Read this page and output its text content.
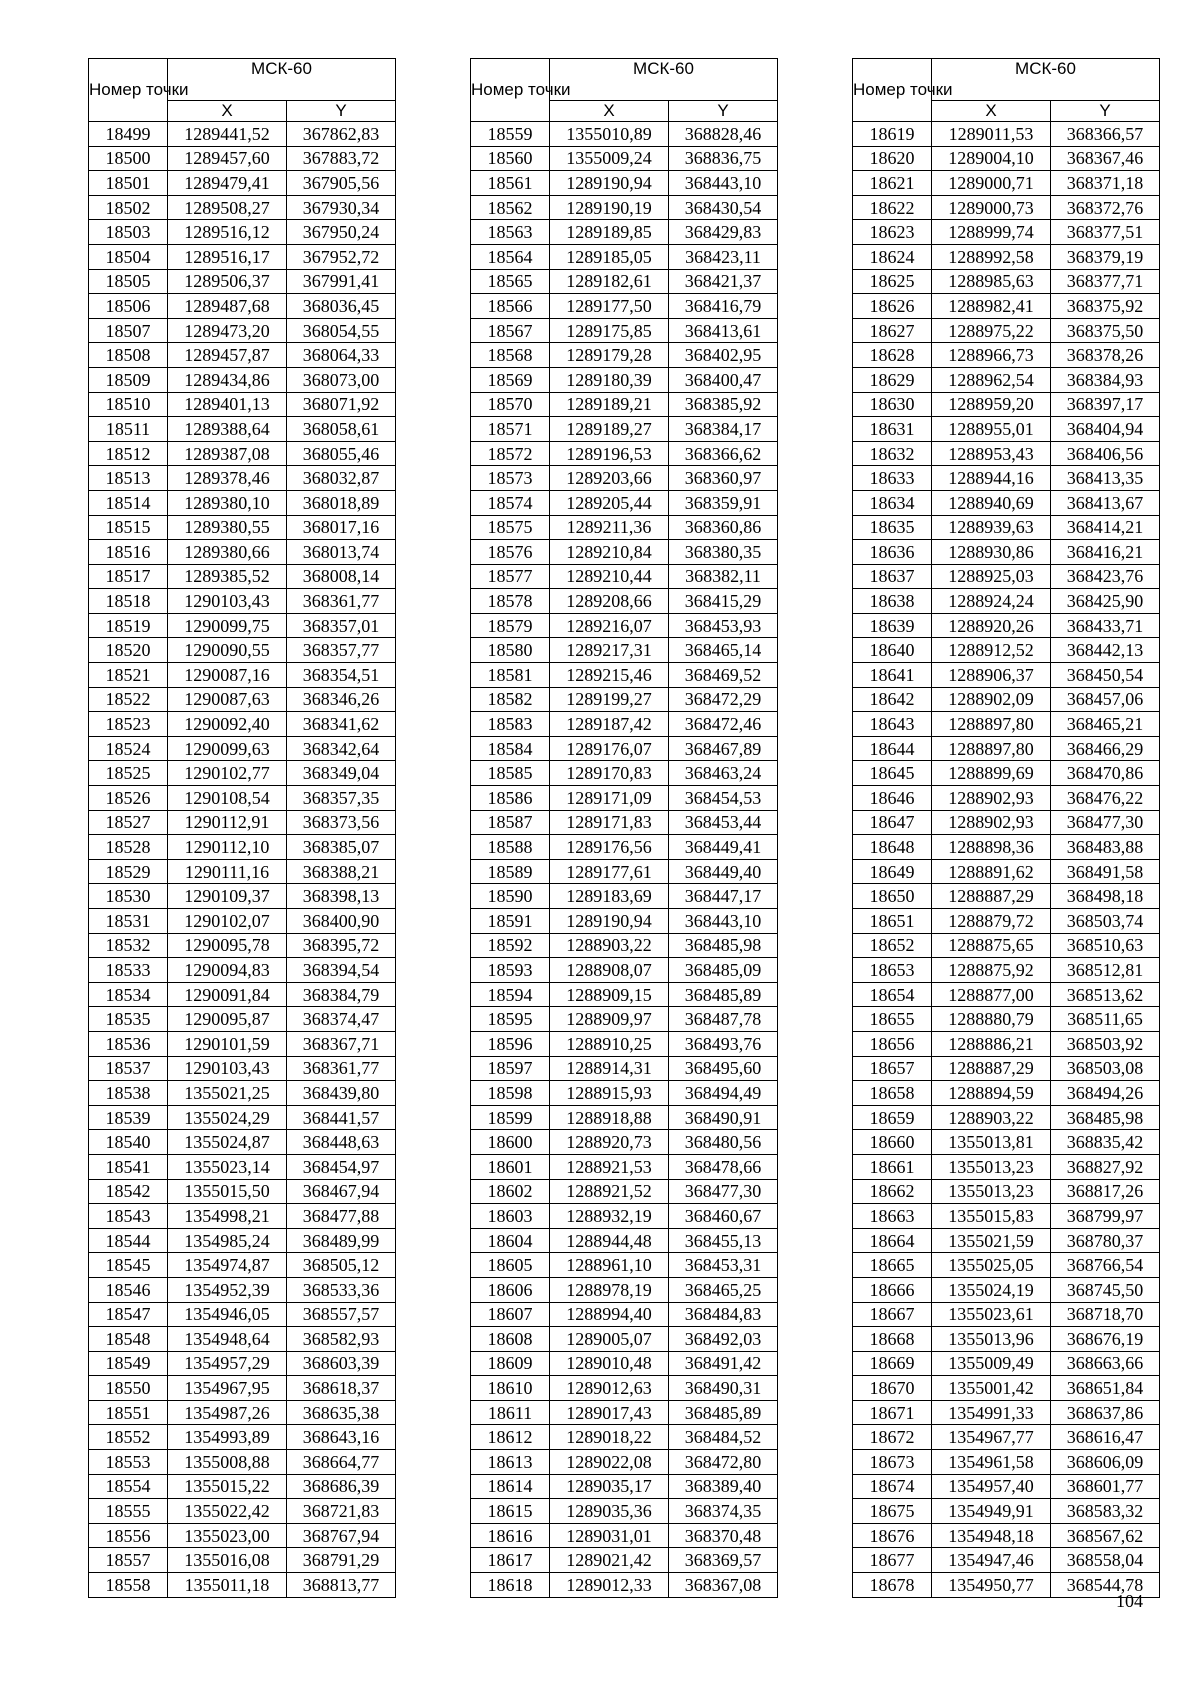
Номер точки	МСК-60	
	X	Y
18499	1289441,52	367862,83
18500	1289457,60	367883,72
18501	1289479,41	367905,56
18502	1289508,27	367930,34
18503	1289516,12	367950,24
18504	1289516,17	367952,72
18505	1289506,37	367991,41
18506	1289487,68	368036,45
18507	1289473,20	368054,55
18508	1289457,87	368064,33
18509	1289434,86	368073,00
18510	1289401,13	368071,92
18511	1289388,64	368058,61
18512	1289387,08	368055,46
18513	1289378,46	368032,87
18514	1289380,10	368018,89
18515	1289380,55	368017,16
18516	1289380,66	368013,74
18517	1289385,52	368008,14
18518	1290103,43	368361,77
18519	1290099,75	368357,01
18520	1290090,55	368357,77
18521	1290087,16	368354,51
18522	1290087,63	368346,26
18523	1290092,40	368341,62
18524	1290099,63	368342,64
18525	1290102,77	368349,04
18526	1290108,54	368357,35
18527	1290112,91	368373,56
18528	1290112,10	368385,07
18529	1290111,16	368388,21
18530	1290109,37	368398,13
18531	1290102,07	368400,90
18532	1290095,78	368395,72
18533	1290094,83	368394,54
18534	1290091,84	368384,79
18535	1290095,87	368374,47
18536	1290101,59	368367,71
18537	1290103,43	368361,77
18538	1355021,25	368439,80
18539	1355024,29	368441,57
18540	1355024,87	368448,63
18541	1355023,14	368454,97
18542	1355015,50	368467,94
18543	1354998,21	368477,88
18544	1354985,24	368489,99
18545	1354974,87	368505,12
18546	1354952,39	368533,36
18547	1354946,05	368557,57
18548	1354948,64	368582,93
18549	1354957,29	368603,39
18550	1354967,95	368618,37
18551	1354987,26	368635,38
18552	1354993,89	368643,16
18553	1355008,88	368664,77
18554	1355015,22	368686,39
18555	1355022,42	368721,83
18556	1355023,00	368767,94
18557	1355016,08	368791,29
18558	1355011,18	368813,77
Номер точки	МСК-60	
	X	Y
18559	1355010,89	368828,46
18560	1355009,24	368836,75
18561	1289190,94	368443,10
18562	1289190,19	368430,54
18563	1289189,85	368429,83
18564	1289185,05	368423,11
18565	1289182,61	368421,37
18566	1289177,50	368416,79
18567	1289175,85	368413,61
18568	1289179,28	368402,95
18569	1289180,39	368400,47
18570	1289189,21	368385,92
18571	1289189,27	368384,17
18572	1289196,53	368366,62
18573	1289203,66	368360,97
18574	1289205,44	368359,91
18575	1289211,36	368360,86
18576	1289210,84	368380,35
18577	1289210,44	368382,11
18578	1289208,66	368415,29
18579	1289216,07	368453,93
18580	1289217,31	368465,14
18581	1289215,46	368469,52
18582	1289199,27	368472,29
18583	1289187,42	368472,46
18584	1289176,07	368467,89
18585	1289170,83	368463,24
18586	1289171,09	368454,53
18587	1289171,83	368453,44
18588	1289176,56	368449,41
18589	1289177,61	368449,40
18590	1289183,69	368447,17
18591	1289190,94	368443,10
18592	1288903,22	368485,98
18593	1288908,07	368485,09
18594	1288909,15	368485,89
18595	1288909,97	368487,78
18596	1288910,25	368493,76
18597	1288914,31	368495,60
18598	1288915,93	368494,49
18599	1288918,88	368490,91
18600	1288920,73	368480,56
18601	1288921,53	368478,66
18602	1288921,52	368477,30
18603	1288932,19	368460,67
18604	1288944,48	368455,13
18605	1288961,10	368453,31
18606	1288978,19	368465,25
18607	1288994,40	368484,83
18608	1289005,07	368492,03
18609	1289010,48	368491,42
18610	1289012,63	368490,31
18611	1289017,43	368485,89
18612	1289018,22	368484,52
18613	1289022,08	368472,80
18614	1289035,17	368389,40
18615	1289035,36	368374,35
18616	1289031,01	368370,48
18617	1289021,42	368369,57
18618	1289012,33	368367,08
Номер точки	МСК-60	
	X	Y
18619	1289011,53	368366,57
18620	1289004,10	368367,46
18621	1289000,71	368371,18
18622	1289000,73	368372,76
18623	1288999,74	368377,51
18624	1288992,58	368379,19
18625	1288985,63	368377,71
18626	1288982,41	368375,92
18627	1288975,22	368375,50
18628	1288966,73	368378,26
18629	1288962,54	368384,93
18630	1288959,20	368397,17
18631	1288955,01	368404,94
18632	1288953,43	368406,56
18633	1288944,16	368413,35
18634	1288940,69	368413,67
18635	1288939,63	368414,21
18636	1288930,86	368416,21
18637	1288925,03	368423,76
18638	1288924,24	368425,90
18639	1288920,26	368433,71
18640	1288912,52	368442,13
18641	1288906,37	368450,54
18642	1288902,09	368457,06
18643	1288897,80	368465,21
18644	1288897,80	368466,29
18645	1288899,69	368470,86
18646	1288902,93	368476,22
18647	1288902,93	368477,30
18648	1288898,36	368483,88
18649	1288891,62	368491,58
18650	1288887,29	368498,18
18651	1288879,72	368503,74
18652	1288875,65	368510,63
18653	1288875,92	368512,81
18654	1288877,00	368513,62
18655	1288880,79	368511,65
18656	1288886,21	368503,92
18657	1288887,29	368503,08
18658	1288894,59	368494,26
18659	1288903,22	368485,98
18660	1355013,81	368835,42
18661	1355013,23	368827,92
18662	1355013,23	368817,26
18663	1355015,83	368799,97
18664	1355021,59	368780,37
18665	1355025,05	368766,54
18666	1355024,19	368745,50
18667	1355023,61	368718,70
18668	1355013,96	368676,19
18669	1355009,49	368663,66
18670	1355001,42	368651,84
18671	1354991,33	368637,86
18672	1354967,77	368616,47
18673	1354961,58	368606,09
18674	1354957,40	368601,77
18675	1354949,91	368583,32
18676	1354948,18	368567,62
18677	1354947,46	368558,04
18678	1354950,77	368544,78
104
